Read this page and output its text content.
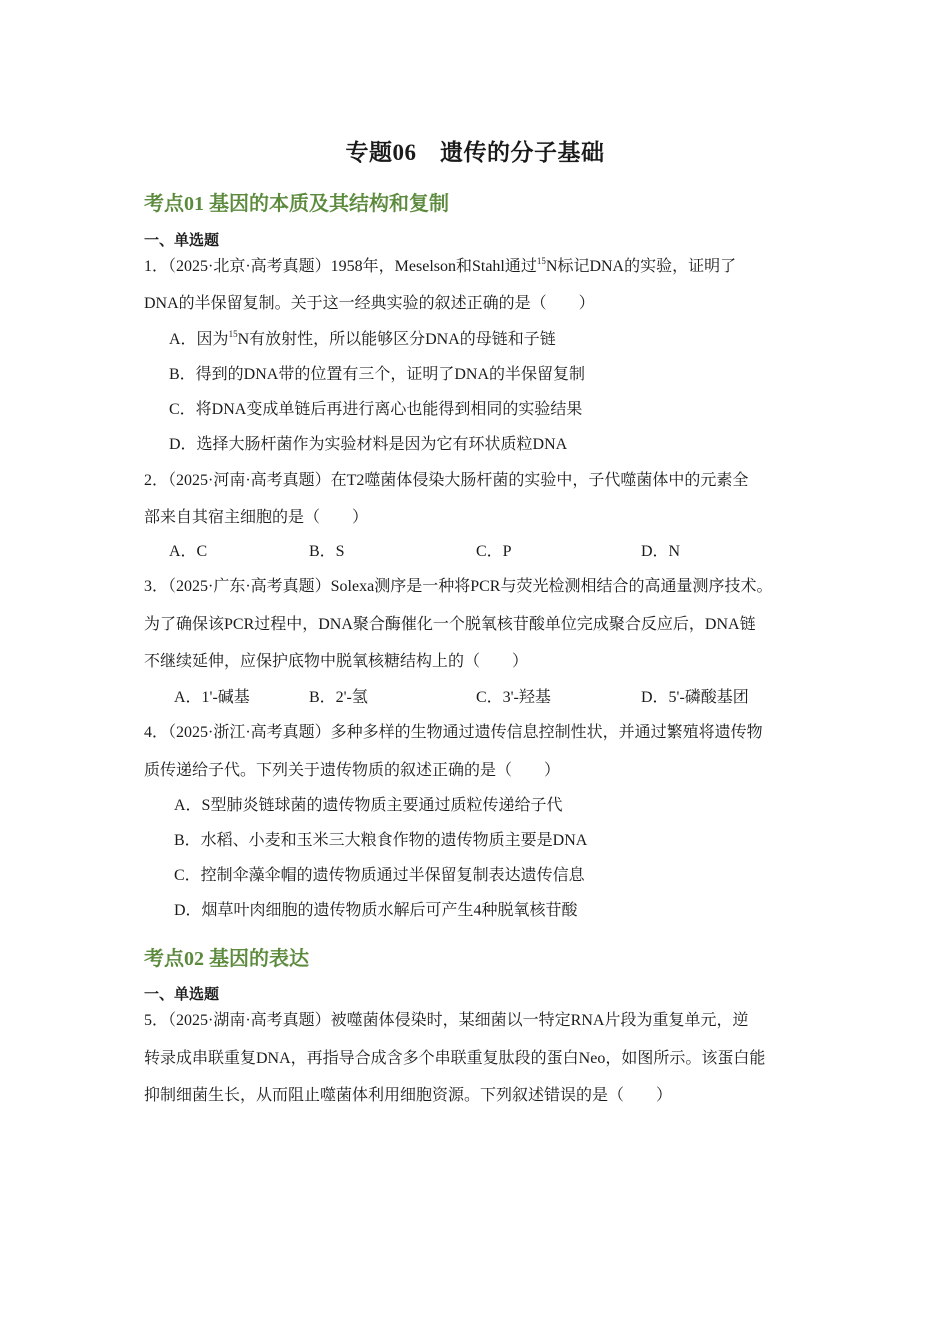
专题06　遗传的分子基础
考点01 基因的本质及其结构和复制
一、单选题
1．（2025·北京·高考真题）1958年，Meselson和Stahl通过$^{15}$N标记DNA的实验，证明了
DNA的半保留复制。关于这一经典实验的叙述正确的是（　　）
A．因为$^{15}$N有放射性，所以能够区分DNA的母链和子链
B．得到的DNA带的位置有三个，证明了DNA的半保留复制
C．将DNA变成单链后再进行离心也能得到相同的实验结果
D．选择大肠杆菌作为实验材料是因为它有环状质粒DNA
2．（2025·河南·高考真题）在T2噬菌体侵染大肠杆菌的实验中，子代噬菌体中的元素全
部来自其宿主细胞的是（　　）
A．C	B．S	C．P	D．N
3．（2025·广东·高考真题）Solexa测序是一种将PCR与荧光检测相结合的高通量测序技术。
为了确保该PCR过程中，DNA聚合酶催化一个脱氧核苷酸单位完成聚合反应后，DNA链
不继续延伸，应保护底物中脱氧核糖结构上的（　　）
A．1'-碱基	B．2'-氢	C．3'-羟基	D．5'-磷酸基团
4．（2025·浙江·高考真题）多种多样的生物通过遗传信息控制性状，并通过繁殖将遗传物
质传递给子代。下列关于遗传物质的叙述正确的是（　　）
A．S型肺炎链球菌的遗传物质主要通过质粒传递给子代
B．水稻、小麦和玉米三大粮食作物的遗传物质主要是DNA
C．控制伞藻伞帽的遗传物质通过半保留复制表达遗传信息
D．烟草叶肉细胞的遗传物质水解后可产生4种脱氧核苷酸
考点02 基因的表达
一、单选题
5．（2025·湖南·高考真题）被噬菌体侵染时，某细菌以一特定RNA片段为重复单元，逆
转录成串联重复DNA，再指导合成含多个串联重复肽段的蛋白Neo，如图所示。该蛋白能
抑制细菌生长，从而阻止噬菌体利用细胞资源。下列叙述错误的是（　　）
